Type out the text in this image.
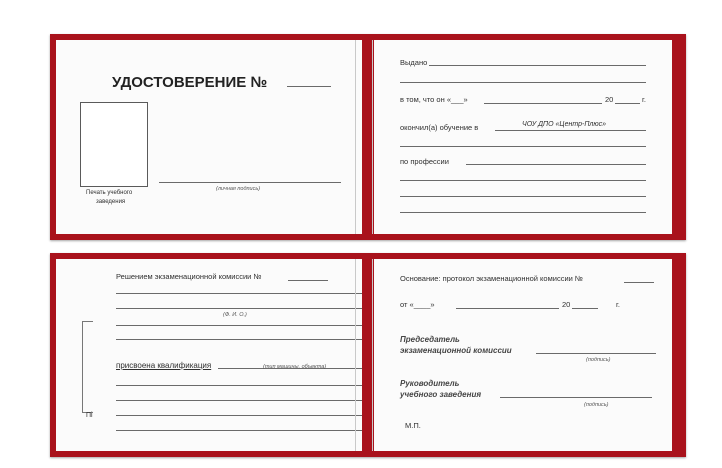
УДОСТОВЕРЕНИЕ №
Печать учебного
заведения
(личная подпись)
Выдано
в том, что он «___»	20	г.
окончил(а) обучение в	ЧОУ ДПО «Центр-Плюс»
по профессии
Решением экзаменационной комиссии №
(Ф. И. О.)
Пі
присвоена квалификация	(тип машины, объекта)
Основание: протокол экзаменационной комиссии №
от «____»	20	г.
Председатель
экзаменационной комиссии
(подпись)
Руководитель
учебного заведения
(подпись)
М.П.
